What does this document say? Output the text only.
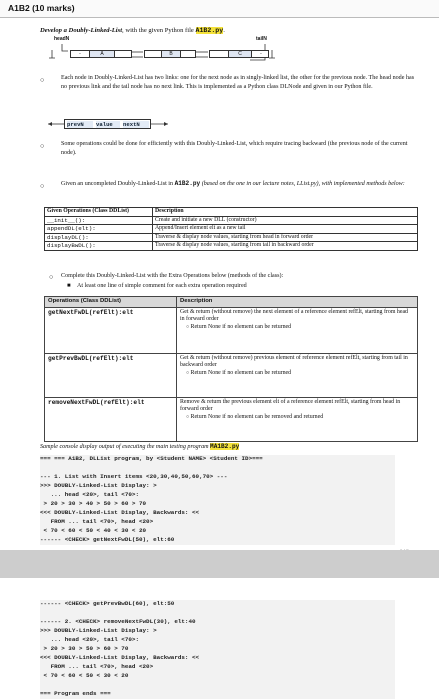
A1B2 (10 marks)
Develop a Doubly-Linked-List, with the given Python file A1B2.py.
headN	tailN
-	A	B	C	-
○	Each node in Doubly-Linked-List has two links: one for the next node as in singly-linked list, the other for the previous node. The head node has no previous link and the tail node has no next link. This is implemented as a Python class DLNode and given in our Python file.
prevN	value	nextN
○	Some operations could be done for efficiently with this Doubly-Linked-List, which require tracing backward (the previous node of the current node).
○	Given an uncompleted Doubly-Linked-List in A1B2.py (based on the one in our lecture notes, LList.py), with implemented methods below:
Given Operations (Class DDList)	Description
__init__():	Create and initiate a new DLL (constructor)
appendDL(elt):	Append/Insert element elt as a new tail
displayDL():	Traverse & display node values, starting from head in forward order
displayBwDL():	Traverse & display node values, starting from tail in backward order
○ Complete this Doubly-Linked-List with the Extra Operations below (methods of the class):
■ At least one line of simple comment for each extra operation required
Operations (Class DDList)	Description
getNextFwDL(refElt):elt	Get & return (without remove) the next element of a reference element refElt, starting from head in forward order
○ Return None if no element can be returned

getPrevBwDL(refElt):elt	Get & return (without remove) previous element of reference element refElt, starting from tail in backward order
○ Return None if no element can be returned

removeNextFwDL(refElt):elt	Remove & return the previous element elt of a reference element refElt, starting from head in forward order
○ Return None if no element can be removed and returned
Sample console display output of executing the main testing program MA1B2.py
=== === A1B2, DLList program, by <Student NAME> <Student ID>===
--- 1. List with Insert items <20,30,40,50,60,70> ---
>>> DOUBLY-Linked-List Display: >
... head <20>, tail <70>:
> 20 > 30 > 40 > 50 > 60 > 70
<<< DOUBLY-Linked-List Display, Backwards: <<
FROM ... tail <70>, head <20>
< 70 < 60 < 50 < 40 < 30 < 20
------ <CHECK> getNextFwDL(50), elt:60
------ <CHECK> getPrevBwDL(60), elt:50
------ 2. <CHECK> removeNextFwDL(30), elt:40
>>> DOUBLY-Linked-List Display: >
... head <20>, tail <70>:
> 20 > 30 > 50 > 60 > 70
<<< DOUBLY-Linked-List Display, Backwards: <<
FROM ... tail <70>, head <20>
< 70 < 60 < 50 < 30 < 20
=== Program ends ===
